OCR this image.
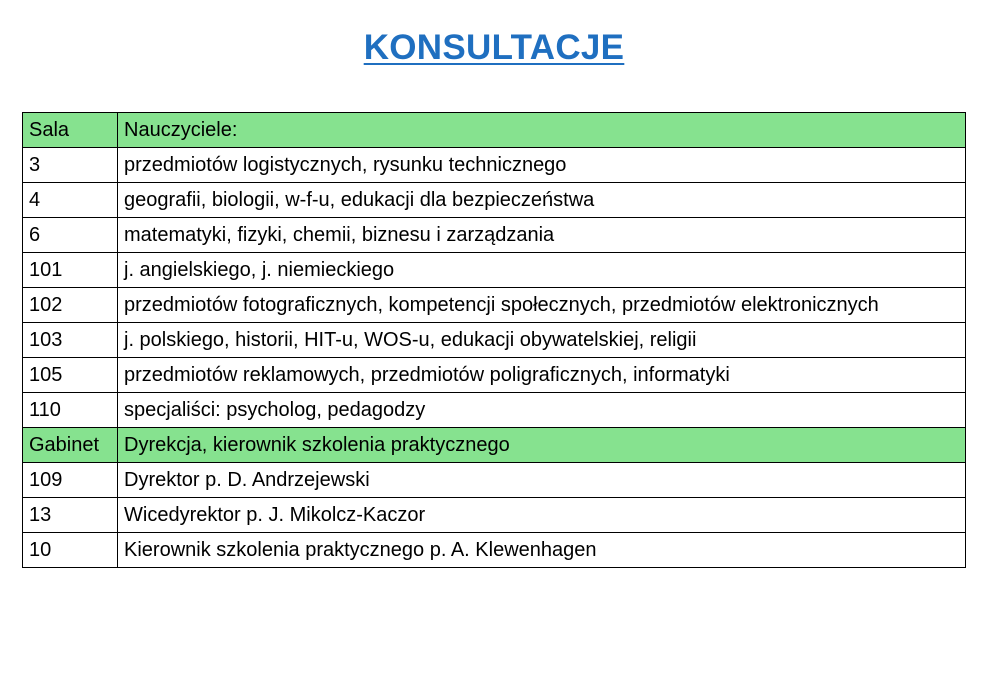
KONSULTACJE
Sala	Nauczyciele:
3	przedmiotów logistycznych, rysunku technicznego
4	geografii, biologii, w-f-u, edukacji dla bezpieczeństwa
6	matematyki, fizyki, chemii, biznesu i zarządzania
101	j. angielskiego, j. niemieckiego
102	przedmiotów fotograficznych, kompetencji społecznych, przedmiotów elektronicznych
103	j. polskiego, historii, HIT-u, WOS-u, edukacji obywatelskiej, religii
105	przedmiotów reklamowych, przedmiotów poligraficznych, informatyki
110	specjaliści: psycholog, pedagodzy
Gabinet	Dyrekcja, kierownik szkolenia praktycznego
109	Dyrektor p. D. Andrzejewski
13	Wicedyrektor p. J. Mikolcz-Kaczor
10	Kierownik szkolenia praktycznego p. A. Klewenhagen
